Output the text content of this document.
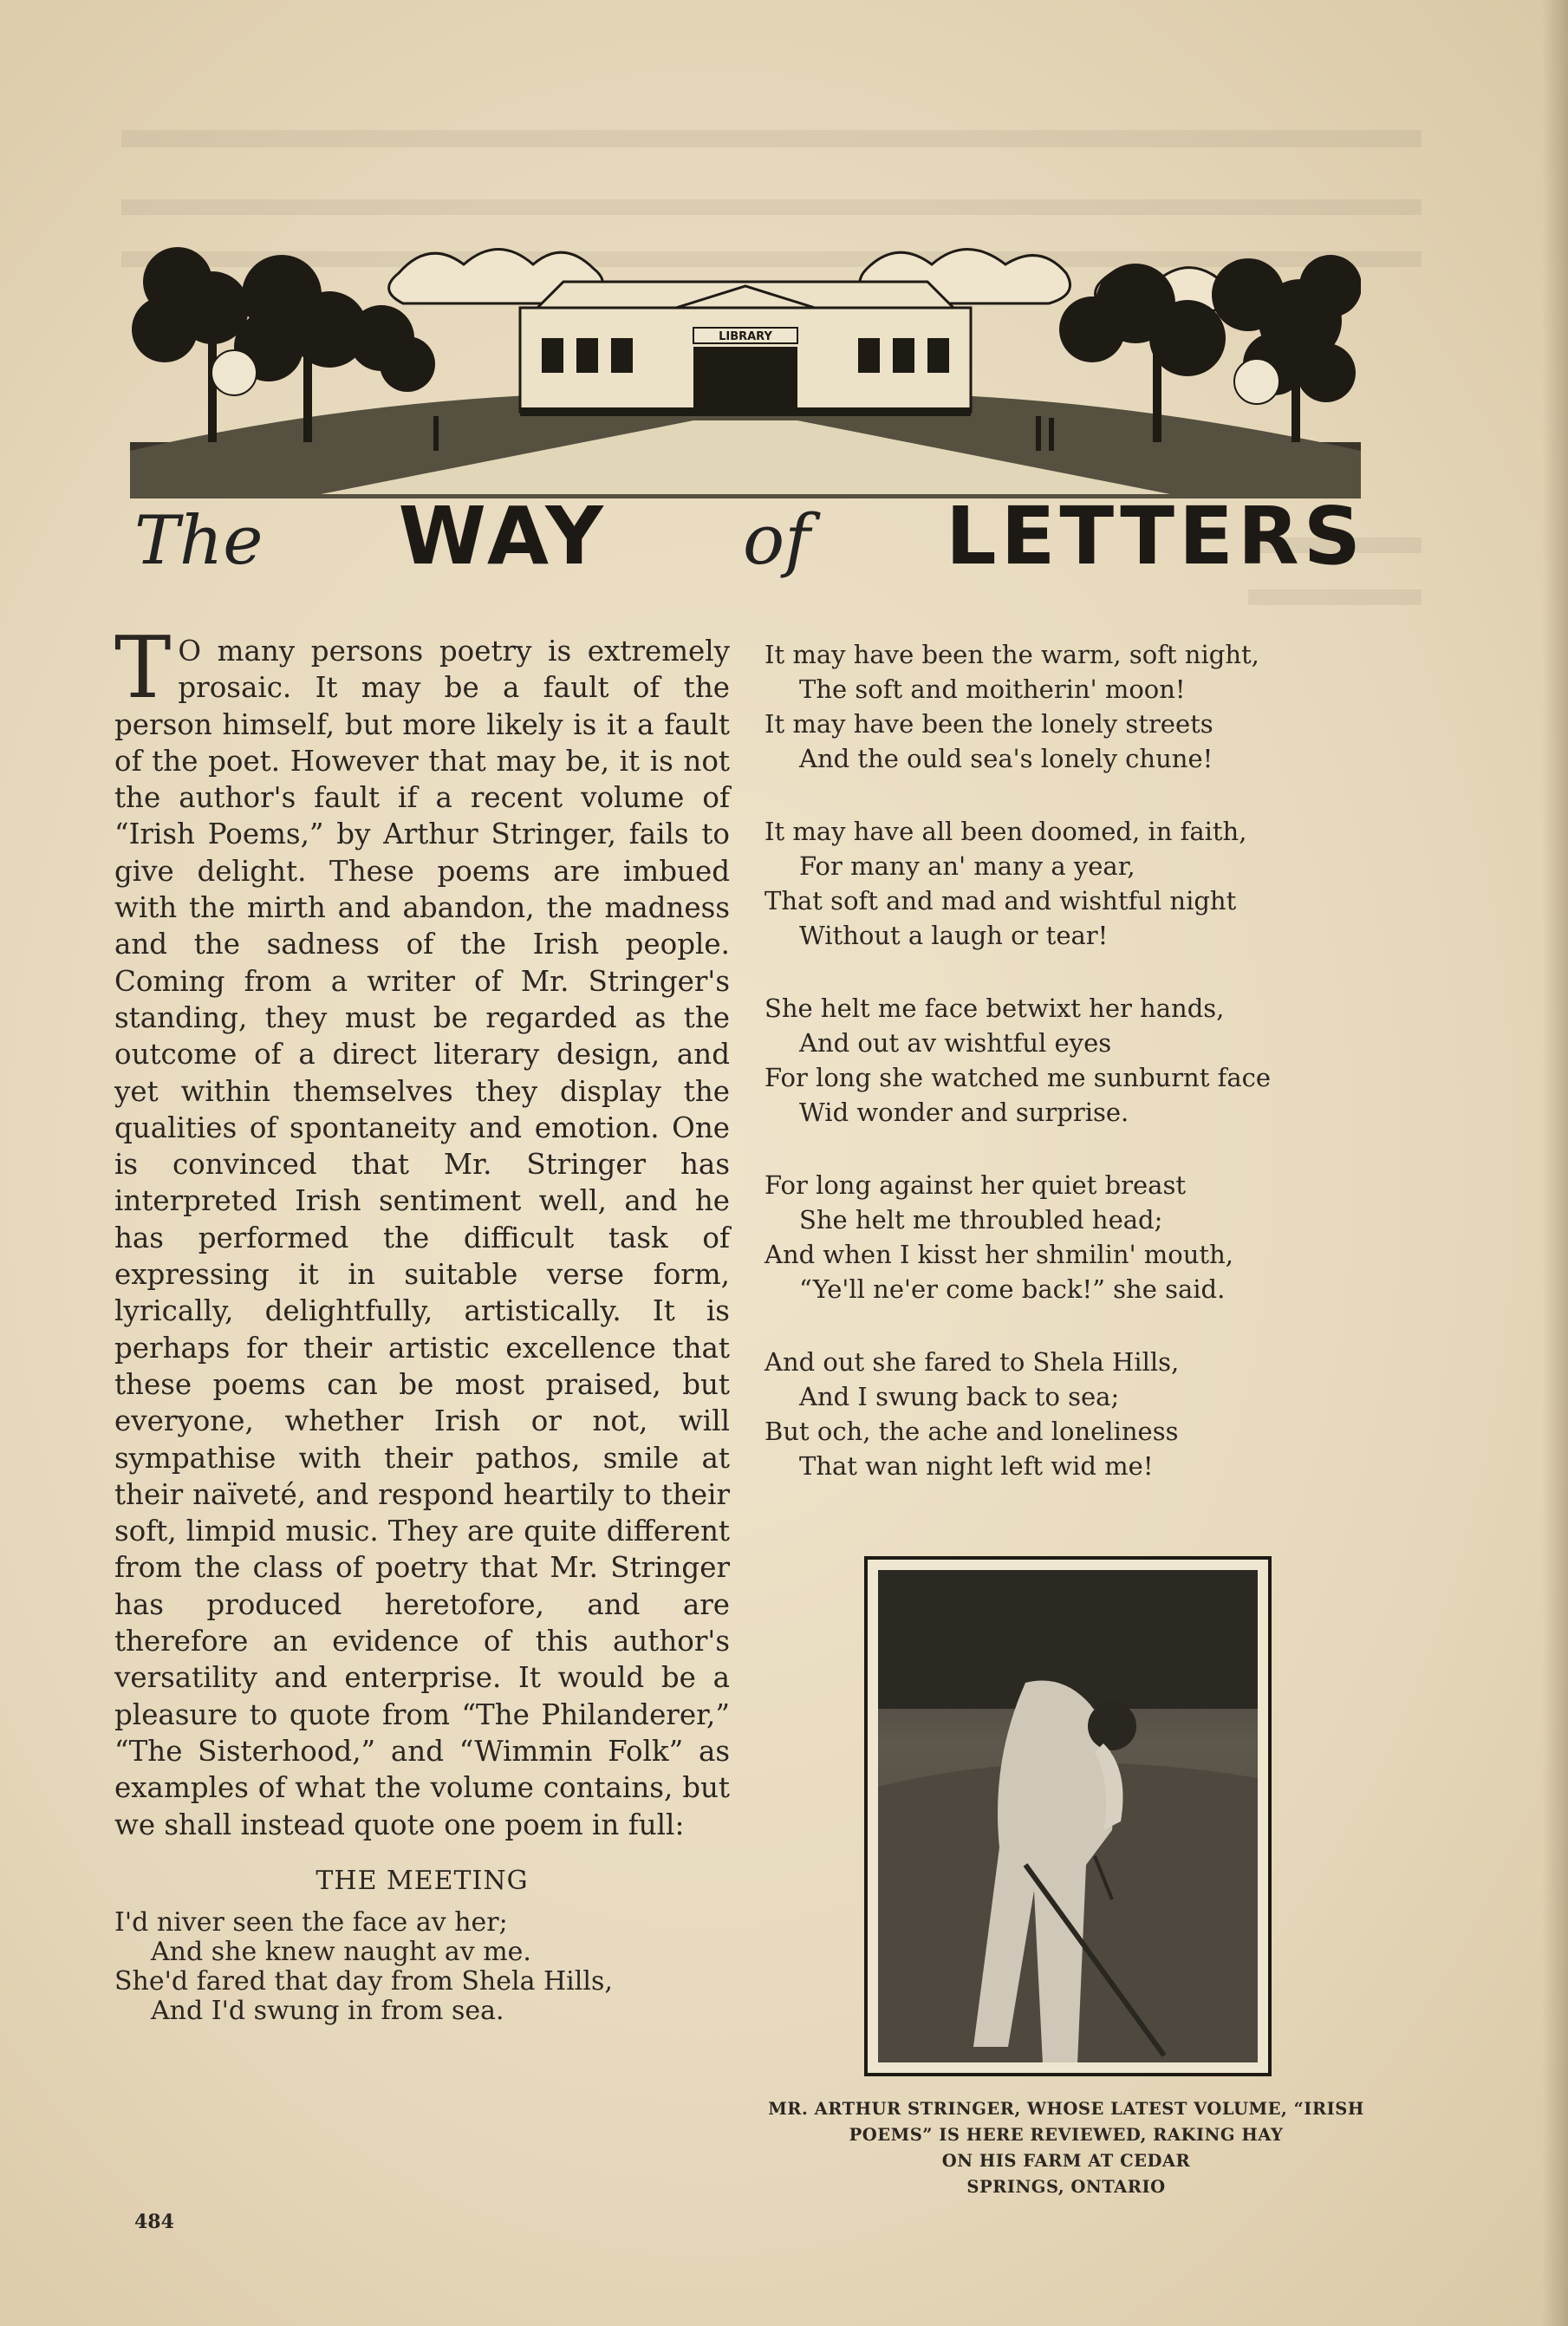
LIBRARY
The WAY of LETTERS

T O many persons poetry is extremely prosaic. It may be a fault of the person himself, but more likely is it a fault of the poet. However that may be, it is not the author's fault if a recent volume of “Irish Poems,” by Arthur Stringer, fails to give delight. These poems are imbued with the mirth and abandon, the madness and the sadness of the Irish people. Coming from a writer of Mr. Stringer's standing, they must be regarded as the outcome of a direct literary design, and yet within themselves they display the qualities of spontaneity and emotion. One is convinced that Mr. Stringer has interpreted Irish sentiment well, and he has performed the difficult task of expressing it in suitable verse form, lyrically, delightfully, artistically. It is perhaps for their artistic excellence that these poems can be most praised, but everyone, whether Irish or not, will sympathise with their pathos, smile at their naïveté, and respond heartily to their soft, limpid music. They are quite different from the class of poetry that Mr. Stringer has produced heretofore, and are therefore an evidence of this author's versatility and enterprise. It would be a pleasure to quote from “The Philanderer,” “The Sisterhood,” and “Wimmin Folk” as examples of what the volume contains, but we shall instead quote one poem in full:

THE MEETING
I'd niver seen the face av her;
And she knew naught av me.
She'd fared that day from Shela Hills,
And I'd swung in from sea.
484
It may have been the warm, soft night,
The soft and moitherin' moon!
It may have been the lonely streets
And the ould sea's lonely chune!
It may have all been doomed, in faith,
For many an' many a year,
That soft and mad and wishtful night
Without a laugh or tear!
She helt me face betwixt her hands,
And out av wishtful eyes
For long she watched me sunburnt face
Wid wonder and surprise.
For long against her quiet breast
She helt me throubled head;
And when I kisst her shmilin' mouth,
“Ye'll ne'er come back!” she said.
And out she fared to Shela Hills,
And I swung back to sea;
But och, the ache and loneliness
That wan night left wid me!
MR. ARTHUR STRINGER, WHOSE LATEST VOLUME, “IRISH
POEMS” IS HERE REVIEWED, RAKING HAY
ON HIS FARM AT CEDAR
SPRINGS, ONTARIO
